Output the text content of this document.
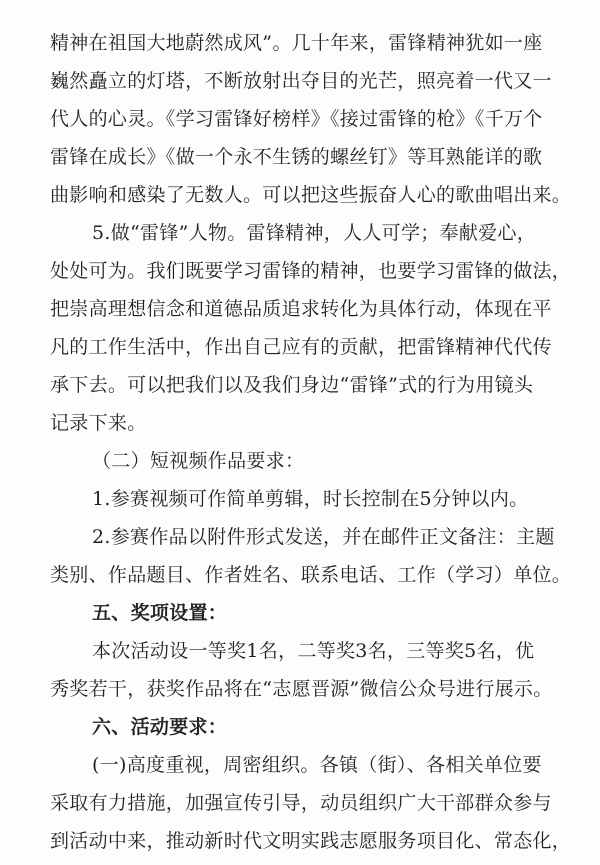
精神在祖国大地蔚然成风”。几十年来，雷锋精神犹如一座
巍然矗立的灯塔，不断放射出夺目的光芒，照亮着一代又一
代人的心灵。《学习雷锋好榜样》《接过雷锋的枪》《千万个
雷锋在成长》《做一个永不生锈的螺丝钉》等耳熟能详的歌
曲影响和感染了无数人。可以把这些振奋人心的歌曲唱出来。
5.做“雷锋”人物。雷锋精神，人人可学；奉献爱心，
处处可为。我们既要学习雷锋的精神，也要学习雷锋的做法，
把崇高理想信念和道德品质追求转化为具体行动，体现在平
凡的工作生活中，作出自己应有的贡献，把雷锋精神代代传
承下去。可以把我们以及我们身边“雷锋”式的行为用镜头
记录下来。
（二）短视频作品要求：
1.参赛视频可作简单剪辑，时长控制在5分钟以内。
2.参赛作品以附件形式发送，并在邮件正文备注：主题
类别、作品题目、作者姓名、联系电话、工作（学习）单位。
五、奖项设置：
本次活动设一等奖1名，二等奖3名，三等奖5名，优
秀奖若干，获奖作品将在“志愿晋源”微信公众号进行展示。
六、活动要求：
(一)高度重视，周密组织。各镇（街）、各相关单位要
采取有力措施，加强宣传引导，动员组织广大干部群众参与
到活动中来，推动新时代文明实践志愿服务项目化、常态化，
